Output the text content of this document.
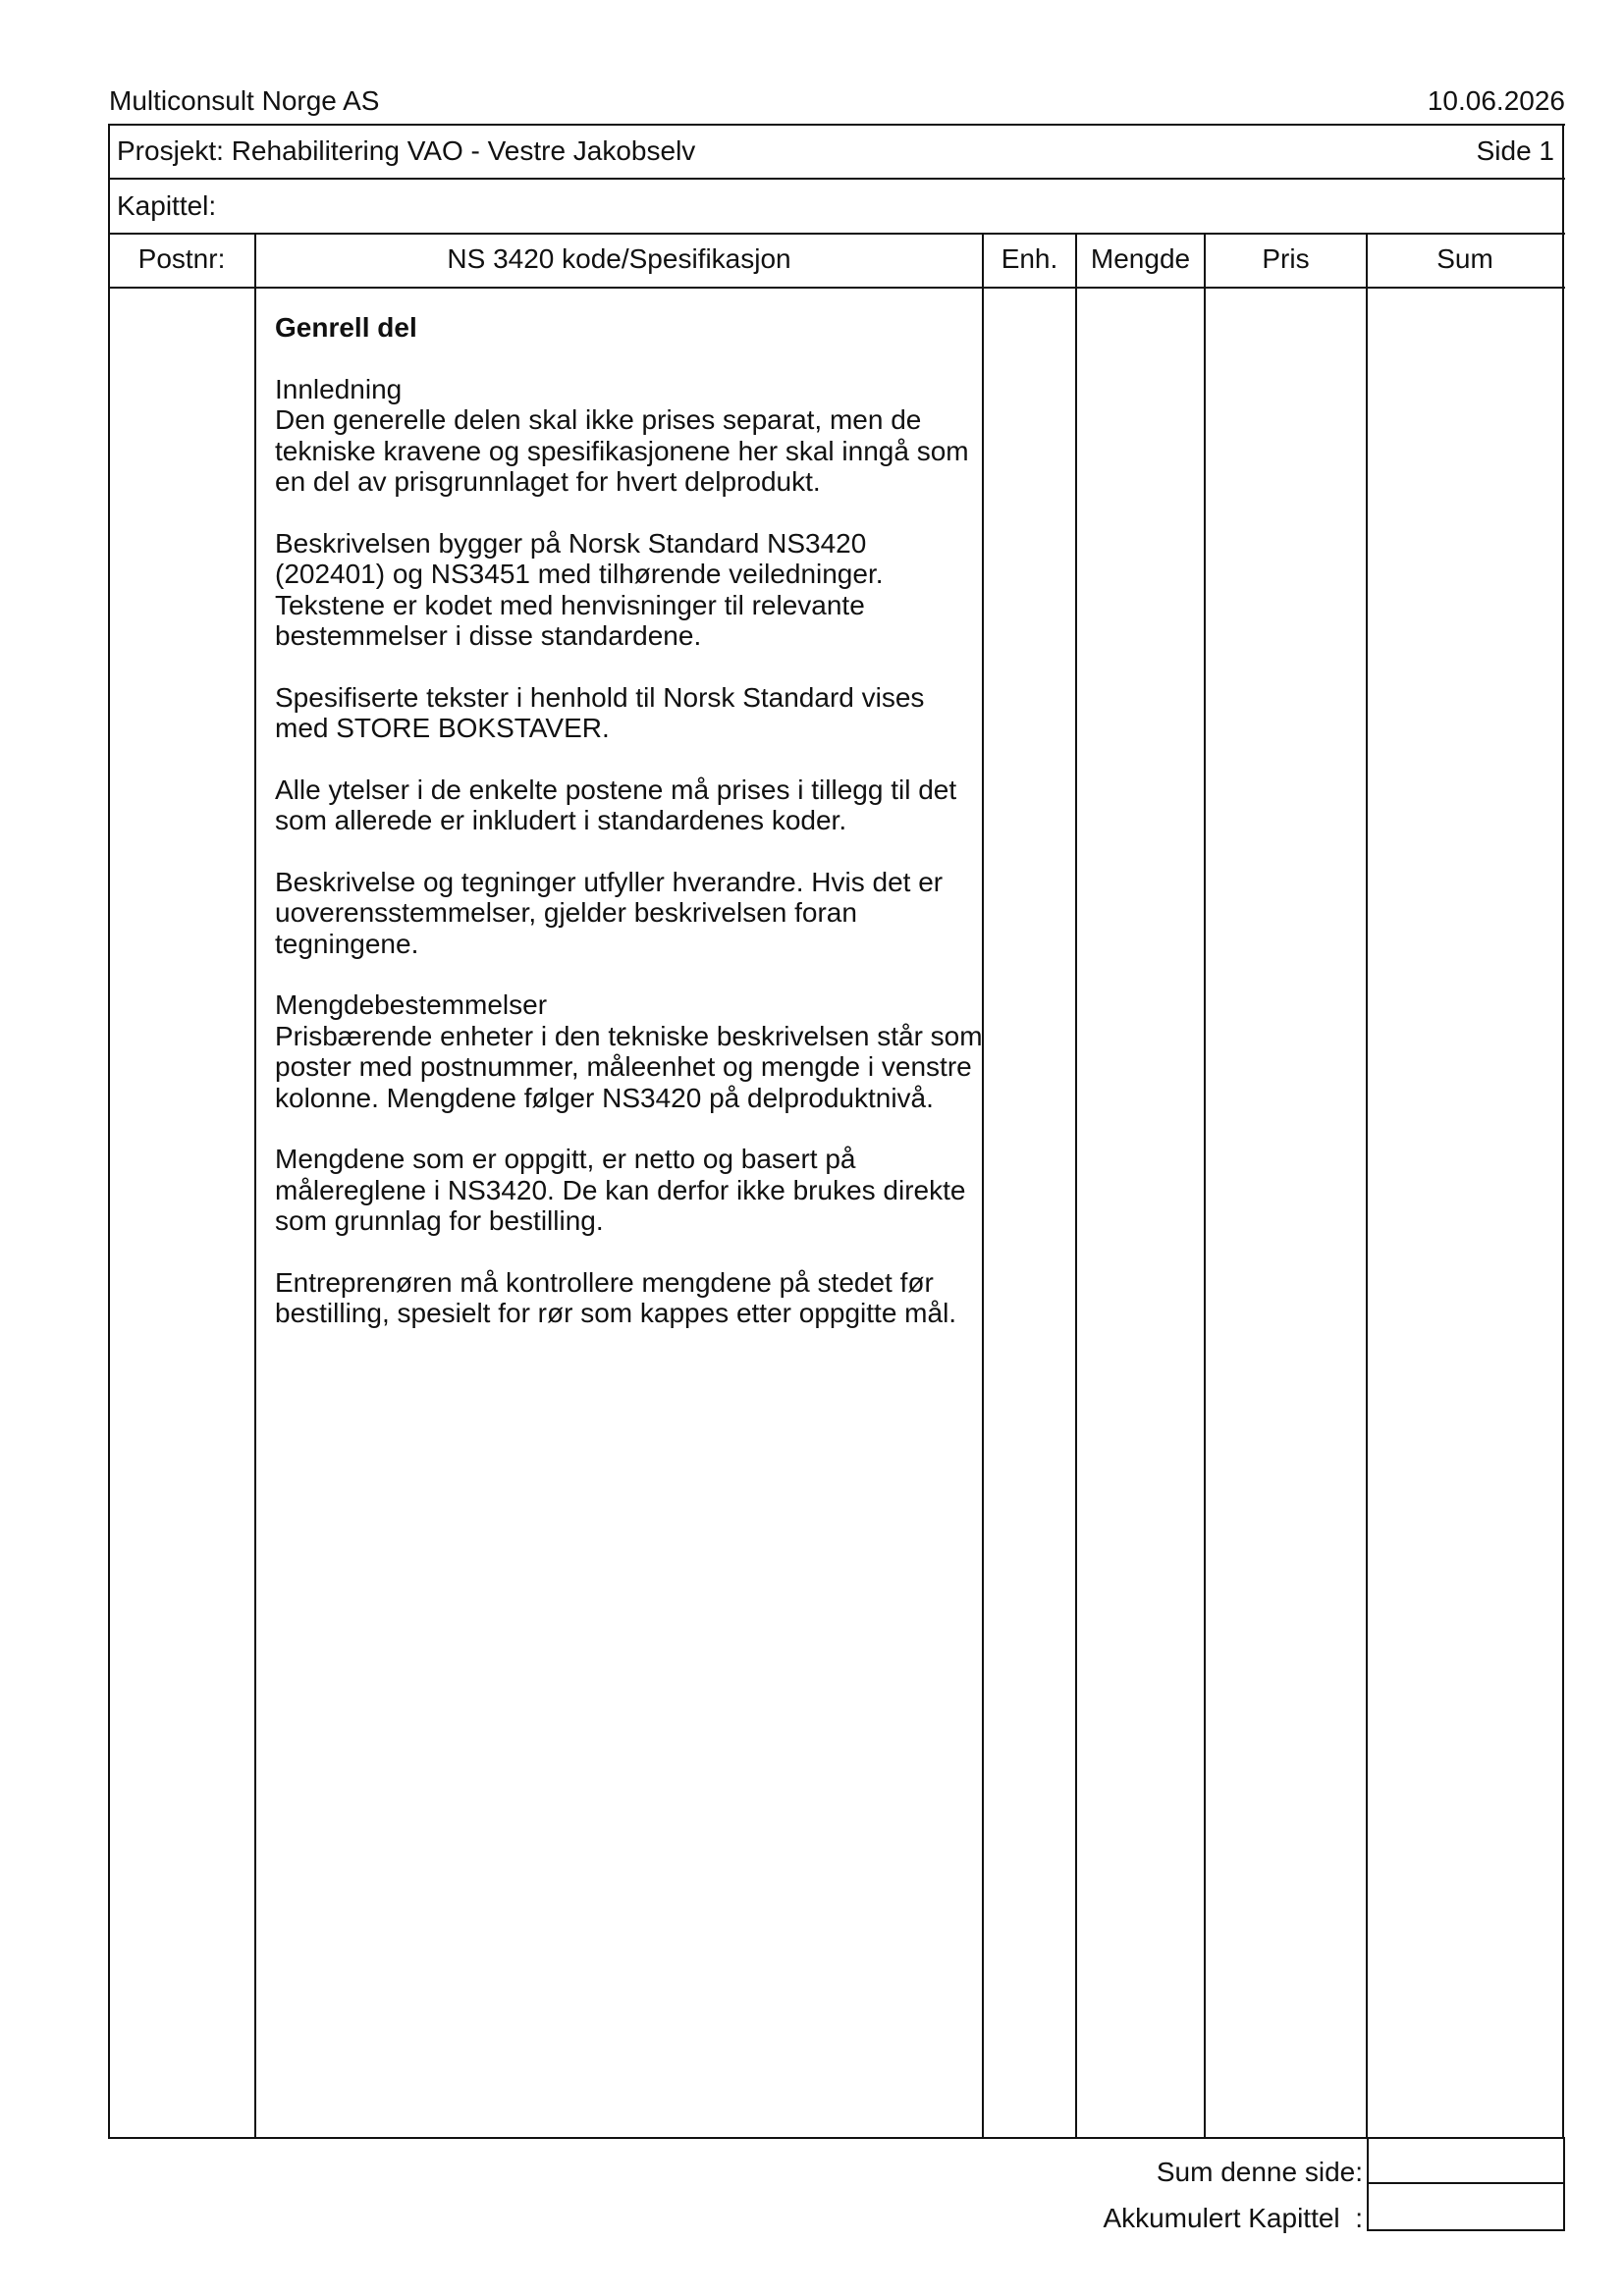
Multiconsult Norge AS	10.06.2026
Prosjekt: Rehabilitering VAO - Vestre Jakobselv	Side 1
Kapittel:
Postnr:	NS 3420 kode/Spesifikasjon	Enh.	Mengde	Pris	Sum
Genrell del
Innledning
Den generelle delen skal ikke prises separat, men de
tekniske kravene og spesifikasjonene her skal inngå som
en del av prisgrunnlaget for hvert delprodukt.
Beskrivelsen bygger på Norsk Standard NS3420
(202401) og NS3451 med tilhørende veiledninger.
Tekstene er kodet med henvisninger til relevante
bestemmelser i disse standardene.
Spesifiserte tekster i henhold til Norsk Standard vises
med STORE BOKSTAVER.
Alle ytelser i de enkelte postene må prises i tillegg til det
som allerede er inkludert i standardenes koder.
Beskrivelse og tegninger utfyller hverandre. Hvis det er
uoverensstemmelser, gjelder beskrivelsen foran
tegningene.
Mengdebestemmelser
Prisbærende enheter i den tekniske beskrivelsen står som
poster med postnummer, måleenhet og mengde i venstre
kolonne. Mengdene følger NS3420 på delproduktnivå.
Mengdene som er oppgitt, er netto og basert på
målereglene i NS3420. De kan derfor ikke brukes direkte
som grunnlag for bestilling.
Entreprenøren må kontrollere mengdene på stedet før
bestilling, spesielt for rør som kappes etter oppgitte mål.
Sum denne side:
Akkumulert Kapittel  :
